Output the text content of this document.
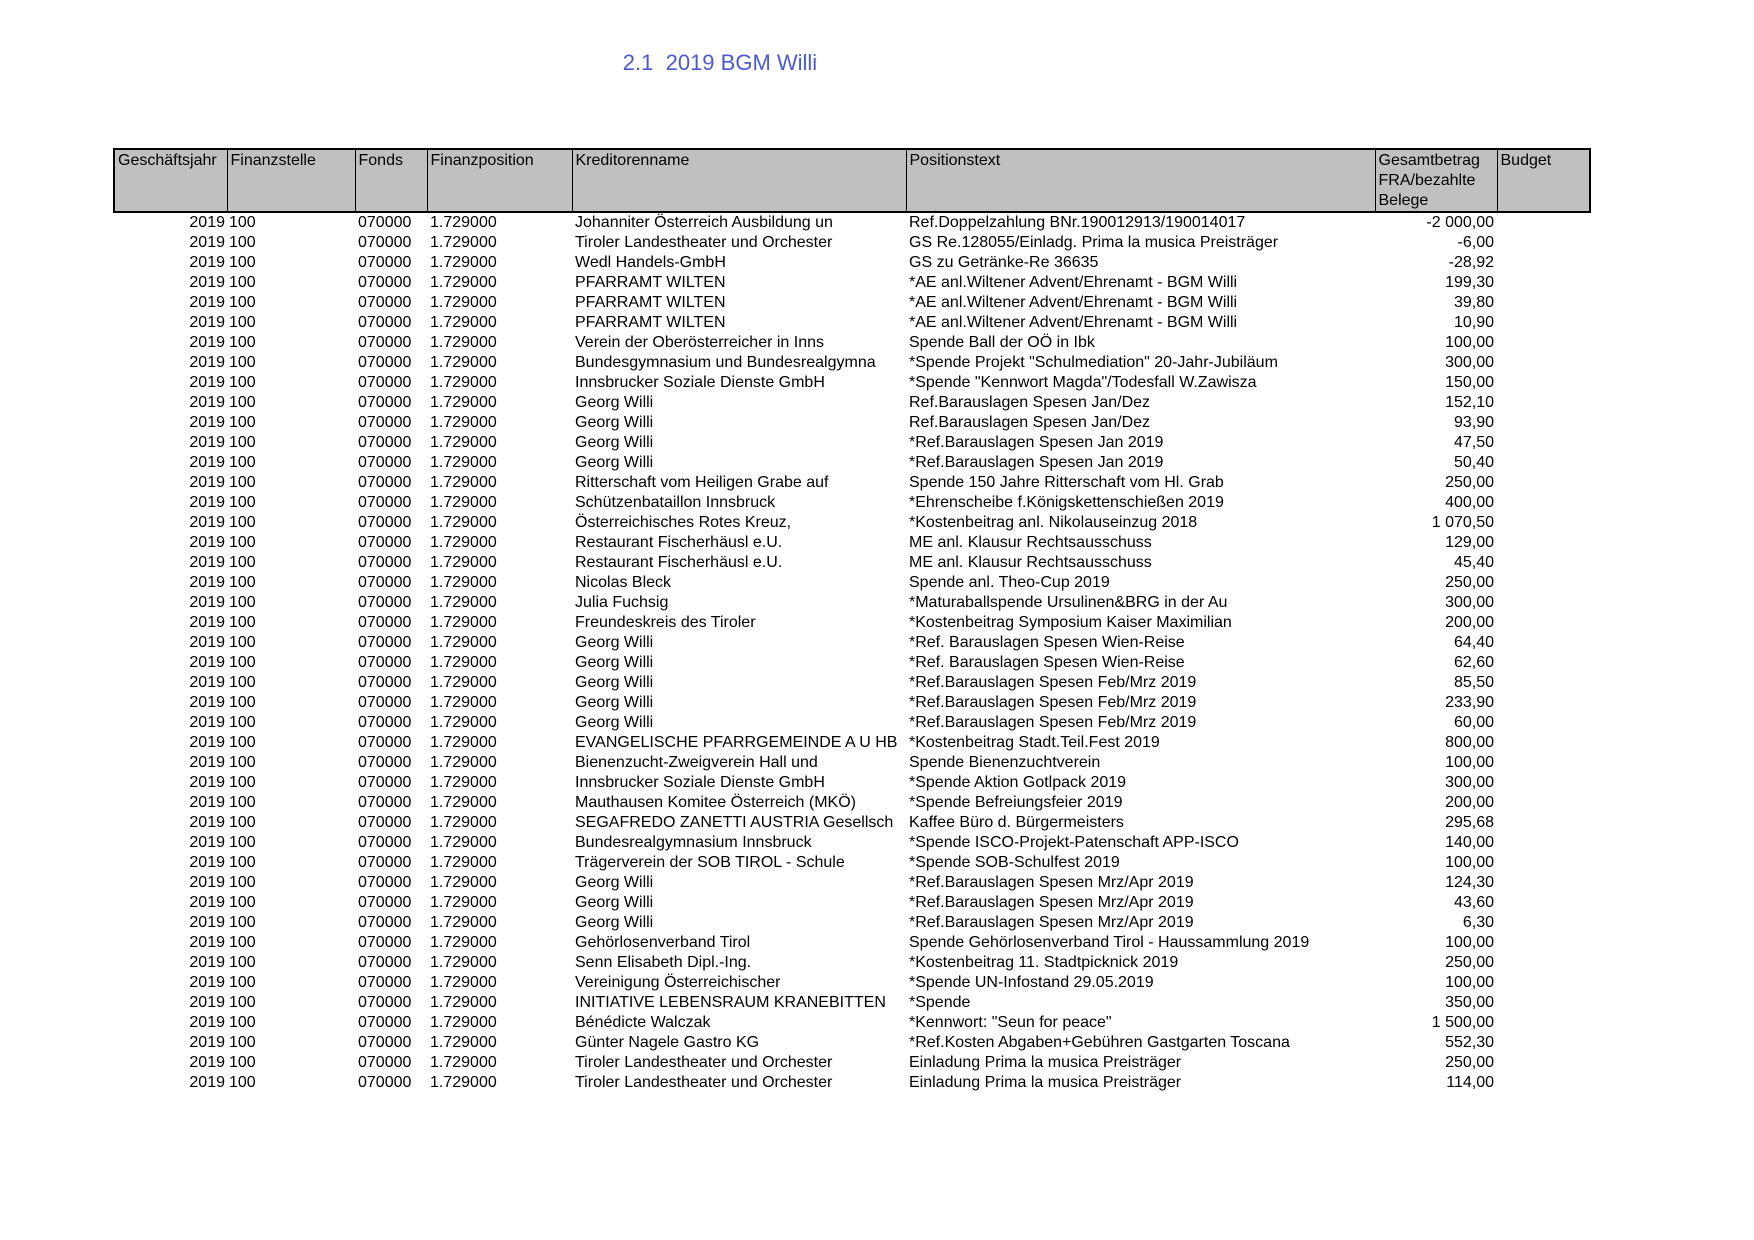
2.1  2019 BGM Willi
Geschäftsjahr	Finanzstelle	Fonds	Finanzposition	Kreditorenname	Positionstext	Gesamtbetrag FRA/bezahlte Belege	Budget
2019	100	070000	1.729000	Johanniter Österreich Ausbildung un	Ref.Doppelzahlung BNr.190012913/190014017	-2 000,00	
2019	100	070000	1.729000	Tiroler Landestheater und Orchester	GS Re.128055/Einladg. Prima la musica Preisträger	-6,00	
2019	100	070000	1.729000	Wedl Handels-GmbH	GS zu Getränke-Re 36635	-28,92	
2019	100	070000	1.729000	PFARRAMT WILTEN	*AE anl.Wiltener Advent/Ehrenamt - BGM Willi	199,30	
2019	100	070000	1.729000	PFARRAMT WILTEN	*AE anl.Wiltener Advent/Ehrenamt - BGM Willi	39,80	
2019	100	070000	1.729000	PFARRAMT WILTEN	*AE anl.Wiltener Advent/Ehrenamt - BGM Willi	10,90	
2019	100	070000	1.729000	Verein der Oberösterreicher in Inns	Spende Ball der OÖ in Ibk	100,00	
2019	100	070000	1.729000	Bundesgymnasium und Bundesrealgymna	*Spende Projekt "Schulmediation" 20-Jahr-Jubiläum	300,00	
2019	100	070000	1.729000	Innsbrucker Soziale Dienste GmbH	*Spende "Kennwort Magda"/Todesfall W.Zawisza	150,00	
2019	100	070000	1.729000	Georg Willi	Ref.Barauslagen Spesen Jan/Dez	152,10	
2019	100	070000	1.729000	Georg Willi	Ref.Barauslagen Spesen Jan/Dez	93,90	
2019	100	070000	1.729000	Georg Willi	*Ref.Barauslagen Spesen Jan 2019	47,50	
2019	100	070000	1.729000	Georg Willi	*Ref.Barauslagen Spesen Jan 2019	50,40	
2019	100	070000	1.729000	Ritterschaft vom Heiligen Grabe auf	Spende 150 Jahre Ritterschaft vom Hl. Grab	250,00	
2019	100	070000	1.729000	Schützenbataillon Innsbruck	*Ehrenscheibe f.Königskettenschießen 2019	400,00	
2019	100	070000	1.729000	Österreichisches Rotes Kreuz,	*Kostenbeitrag anl. Nikolauseinzug 2018	1 070,50	
2019	100	070000	1.729000	Restaurant Fischerhäusl e.U.	ME anl. Klausur Rechtsausschuss	129,00	
2019	100	070000	1.729000	Restaurant Fischerhäusl e.U.	ME anl. Klausur Rechtsausschuss	45,40	
2019	100	070000	1.729000	Nicolas Bleck	Spende anl. Theo-Cup 2019	250,00	
2019	100	070000	1.729000	Julia Fuchsig	*Maturaballspende Ursulinen&BRG in der Au	300,00	
2019	100	070000	1.729000	Freundeskreis des Tiroler	*Kostenbeitrag Symposium Kaiser Maximilian	200,00	
2019	100	070000	1.729000	Georg Willi	*Ref. Barauslagen Spesen Wien-Reise	64,40	
2019	100	070000	1.729000	Georg Willi	*Ref. Barauslagen Spesen Wien-Reise	62,60	
2019	100	070000	1.729000	Georg Willi	*Ref.Barauslagen Spesen Feb/Mrz 2019	85,50	
2019	100	070000	1.729000	Georg Willi	*Ref.Barauslagen Spesen Feb/Mrz 2019	233,90	
2019	100	070000	1.729000	Georg Willi	*Ref.Barauslagen Spesen Feb/Mrz 2019	60,00	
2019	100	070000	1.729000	EVANGELISCHE PFARRGEMEINDE A U HB	*Kostenbeitrag Stadt.Teil.Fest 2019	800,00	
2019	100	070000	1.729000	Bienenzucht-Zweigverein Hall und	Spende Bienenzuchtverein	100,00	
2019	100	070000	1.729000	Innsbrucker Soziale Dienste GmbH	*Spende Aktion Gotlpack 2019	300,00	
2019	100	070000	1.729000	Mauthausen Komitee Österreich (MKÖ)	*Spende Befreiungsfeier 2019	200,00	
2019	100	070000	1.729000	SEGAFREDO ZANETTI AUSTRIA Gesellsch	Kaffee Büro d. Bürgermeisters	295,68	
2019	100	070000	1.729000	Bundesrealgymnasium Innsbruck	*Spende ISCO-Projekt-Patenschaft APP-ISCO	140,00	
2019	100	070000	1.729000	Trägerverein der SOB TIROL - Schule	*Spende SOB-Schulfest 2019	100,00	
2019	100	070000	1.729000	Georg Willi	*Ref.Barauslagen Spesen Mrz/Apr 2019	124,30	
2019	100	070000	1.729000	Georg Willi	*Ref.Barauslagen Spesen Mrz/Apr 2019	43,60	
2019	100	070000	1.729000	Georg Willi	*Ref.Barauslagen Spesen Mrz/Apr 2019	6,30	
2019	100	070000	1.729000	Gehörlosenverband Tirol	Spende Gehörlosenverband Tirol - Haussammlung 2019	100,00	
2019	100	070000	1.729000	Senn Elisabeth Dipl.-Ing.	*Kostenbeitrag 11. Stadtpicknick 2019	250,00	
2019	100	070000	1.729000	Vereinigung Österreichischer	*Spende UN-Infostand 29.05.2019	100,00	
2019	100	070000	1.729000	INITIATIVE LEBENSRAUM KRANEBITTEN	*Spende	350,00	
2019	100	070000	1.729000	Bénédicte Walczak	*Kennwort: "Seun for peace"	1 500,00	
2019	100	070000	1.729000	Günter Nagele Gastro KG	*Ref.Kosten Abgaben+Gebühren Gastgarten Toscana	552,30	
2019	100	070000	1.729000	Tiroler Landestheater und Orchester	Einladung Prima la musica Preisträger	250,00	
2019	100	070000	1.729000	Tiroler Landestheater und Orchester	Einladung Prima la musica Preisträger	114,00	
